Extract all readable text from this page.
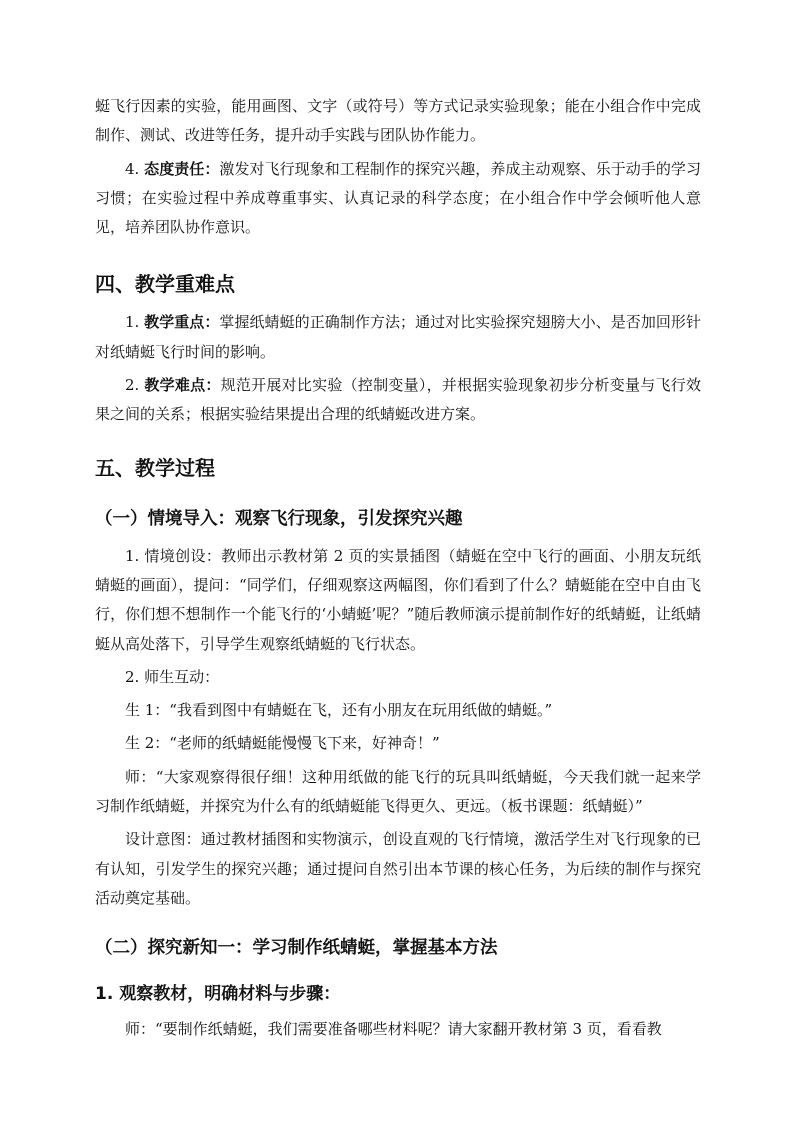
蜓飞行因素的实验，能用画图、文字（或符号）等方式记录实验现象；能在小组合作中完成制作、测试、改进等任务，提升动手实践与团队协作能力。

4. 态度责任：激发对飞行现象和工程制作的探究兴趣，养成主动观察、乐于动手的学习习惯；在实验过程中养成尊重事实、认真记录的科学态度；在小组合作中学会倾听他人意见，培养团队协作意识。

四、教学重难点

1. 教学重点：掌握纸蜻蜓的正确制作方法；通过对比实验探究翅膀大小、是否加回形针对纸蜻蜓飞行时间的影响。

2. 教学难点：规范开展对比实验（控制变量），并根据实验现象初步分析变量与飞行效果之间的关系；根据实验结果提出合理的纸蜻蜓改进方案。

五、教学过程
（一）情境导入：观察飞行现象，引发探究兴趣

1. 情境创设：教师出示教材第 2 页的实景插图（蜻蜓在空中飞行的画面、小朋友玩纸蜻蜓的画面），提问：“同学们，仔细观察这两幅图，你们看到了什么？蜻蜓能在空中自由飞行，你们想不想制作一个能飞行的‘小蜻蜓’呢？”随后教师演示提前制作好的纸蜻蜓，让纸蜻蜓从高处落下，引导学生观察纸蜻蜓的飞行状态。

2. 师生互动：

生 1：“我看到图中有蜻蜓在飞，还有小朋友在玩用纸做的蜻蜓。”

生 2：“老师的纸蜻蜓能慢慢飞下来，好神奇！”

师：“大家观察得很仔细！这种用纸做的能飞行的玩具叫纸蜻蜓，今天我们就一起来学习制作纸蜻蜓，并探究为什么有的纸蜻蜓能飞得更久、更远。（板书课题：纸蜻蜓）”

设计意图：通过教材插图和实物演示，创设直观的飞行情境，激活学生对飞行现象的已有认知，引发学生的探究兴趣；通过提问自然引出本节课的核心任务，为后续的制作与探究活动奠定基础。

（二）探究新知一：学习制作纸蜻蜓，掌握基本方法
1. 观察教材，明确材料与步骤：

师：“要制作纸蜻蜓，我们需要准备哪些材料呢？请大家翻开教材第 3 页，看看教
